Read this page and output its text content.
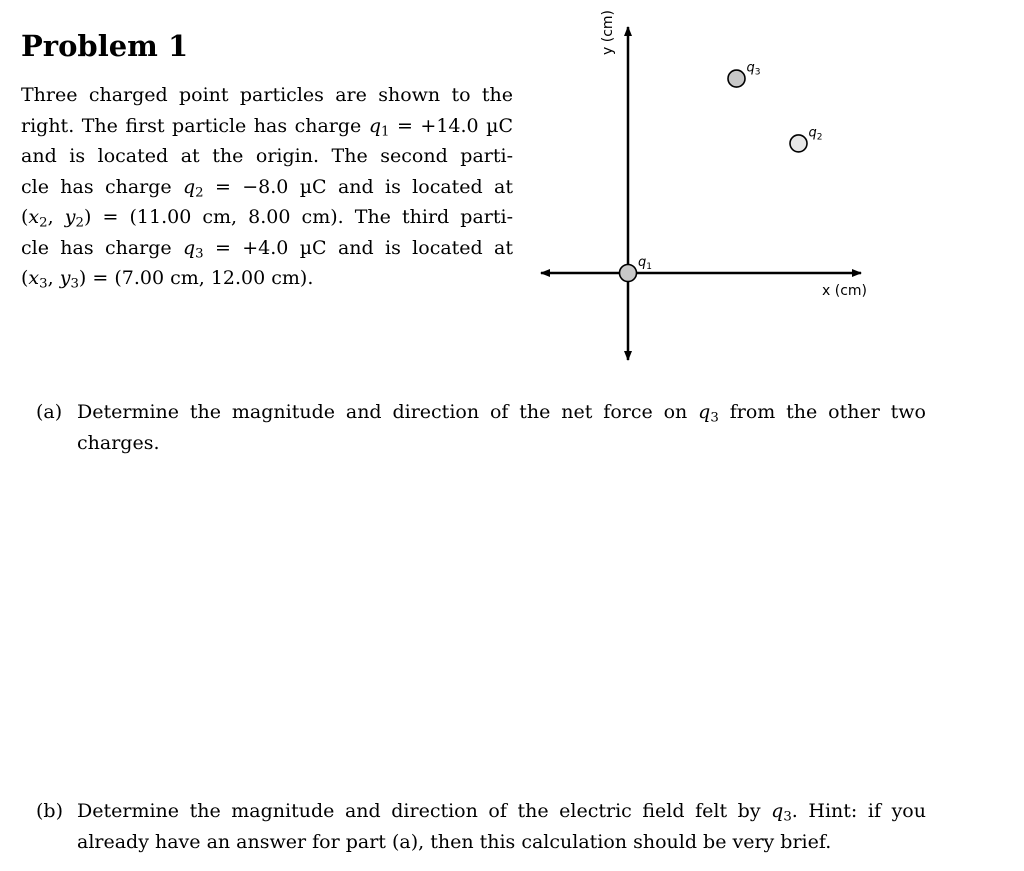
Problem 1

Three charged point particles are shown to the
right. The first particle has charge $q_1 = +14.0$ µC
and is located at the origin. The second parti-
cle has charge $q_2 = -8.0$ µC and is located at
($x_2$, $y_2) = (11.00$ cm, 8.00 cm). The third parti-
cle has charge $q_3 = +4.0$ µC and is located at
($x_3$, $y_3) = (7.00$ cm, 12.00 cm).

x (cm)
y (cm)
$q_1$
$q_2$
$q_3$

(a) Determine the magnitude and direction of the net force on $q_3$ from the other two charges.

(b) Determine the magnitude and direction of the electric field felt by $q_3$. Hint: if you already have an answer for part (a), then this calculation should be very brief.
